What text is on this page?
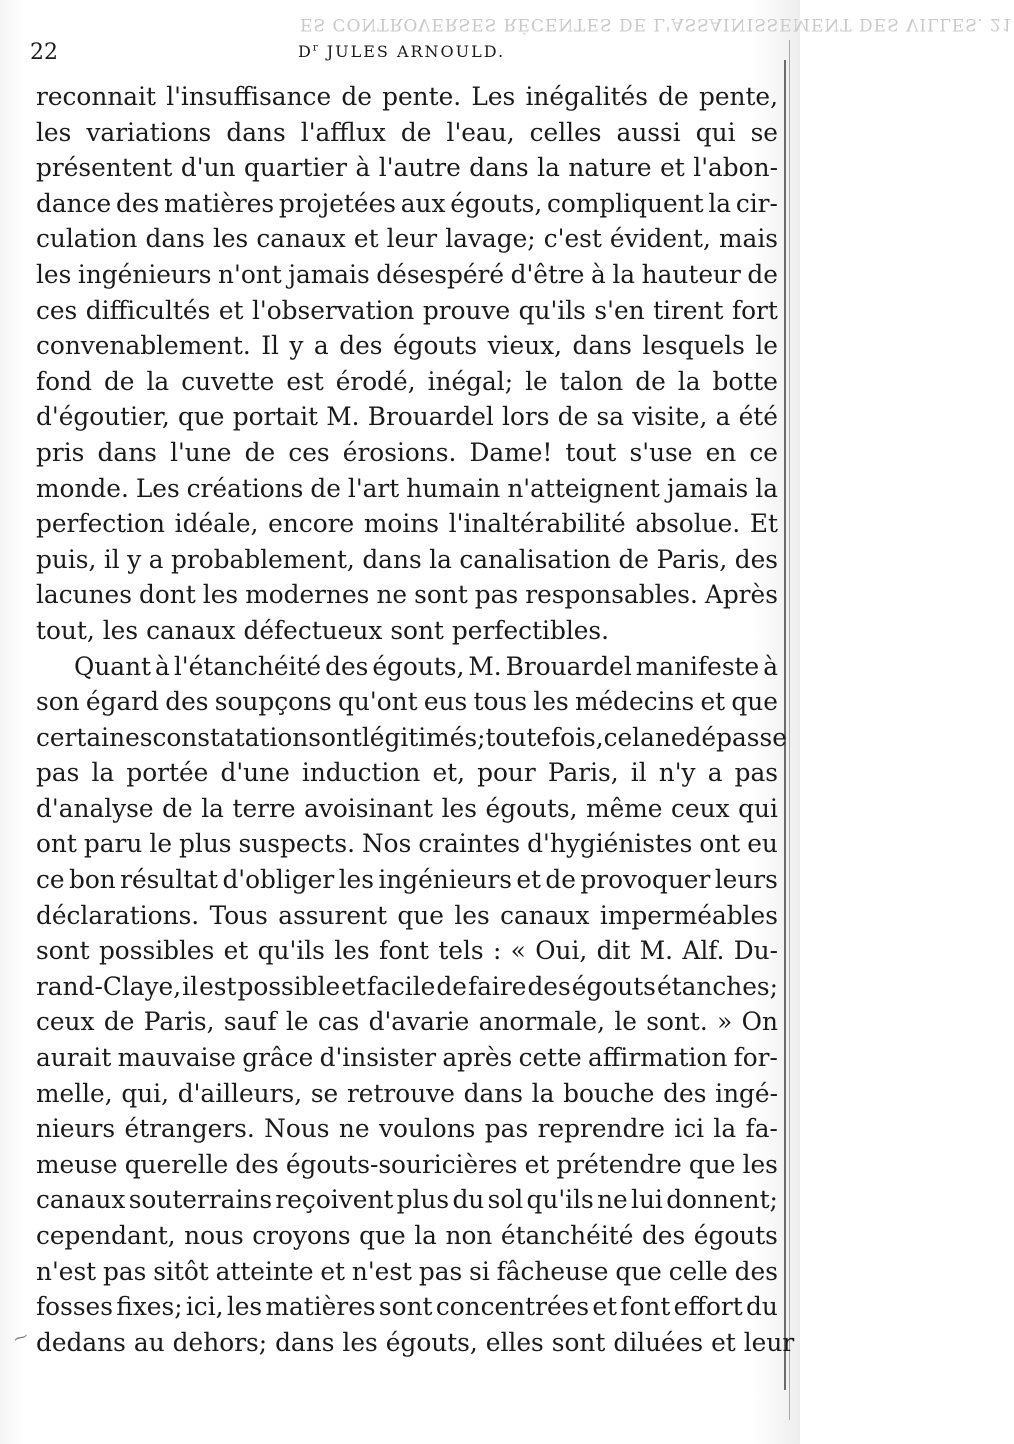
ES CONTROVERSES RÉCENTES DE L'ASSAINISSEMENT DES VILLES. 21
⁓
22	$D^r$ JULES ARNOULD.
reconnait l'insuffisance de pente. Les inégalités de pente,
les variations dans l'afflux de l'eau, celles aussi qui se
présentent d'un quartier à l'autre dans la nature et l'abon-
dance des matières projetées aux égouts, compliquent la cir-
culation dans les canaux et leur lavage; c'est évident, mais
les ingénieurs n'ont jamais désespéré d'être à la hauteur de
ces difficultés et l'observation prouve qu'ils s'en tirent fort
convenablement. Il y a des égouts vieux, dans lesquels le
fond de la cuvette est érodé, inégal; le talon de la botte
d'égoutier, que portait M. Brouardel lors de sa visite, a été
pris dans l'une de ces érosions. Dame! tout s'use en ce
monde. Les créations de l'art humain n'atteignent jamais la
perfection idéale, encore moins l'inaltérabilité absolue. Et
puis, il y a probablement, dans la canalisation de Paris, des
lacunes dont les modernes ne sont pas responsables. Après
tout, les canaux défectueux sont perfectibles.
Quant à l'étanchéité des égouts, M. Brouardel manifeste à
son égard des soupçons qu'ont eus tous les médecins et que
certaines constatations ont légitimés; toutefois, cela ne dépasse
pas la portée d'une induction et, pour Paris, il n'y a pas
d'analyse de la terre avoisinant les égouts, même ceux qui
ont paru le plus suspects. Nos craintes d'hygiénistes ont eu
ce bon résultat d'obliger les ingénieurs et de provoquer leurs
déclarations. Tous assurent que les canaux imperméables
sont possibles et qu'ils les font tels : « Oui, dit M. Alf. Du-
rand-Claye, il est possible et facile de faire des égouts étanches;
ceux de Paris, sauf le cas d'avarie anormale, le sont. » On
aurait mauvaise grâce d'insister après cette affirmation for-
melle, qui, d'ailleurs, se retrouve dans la bouche des ingé-
nieurs étrangers. Nous ne voulons pas reprendre ici la fa-
meuse querelle des égouts-souricières et prétendre que les
canaux souterrains reçoivent plus du sol qu'ils ne lui donnent;
cependant, nous croyons que la non étanchéité des égouts
n'est pas sitôt atteinte et n'est pas si fâcheuse que celle des
fosses fixes; ici, les matières sont concentrées et font effort du
dedans au dehors; dans les égouts, elles sont diluées et leur
